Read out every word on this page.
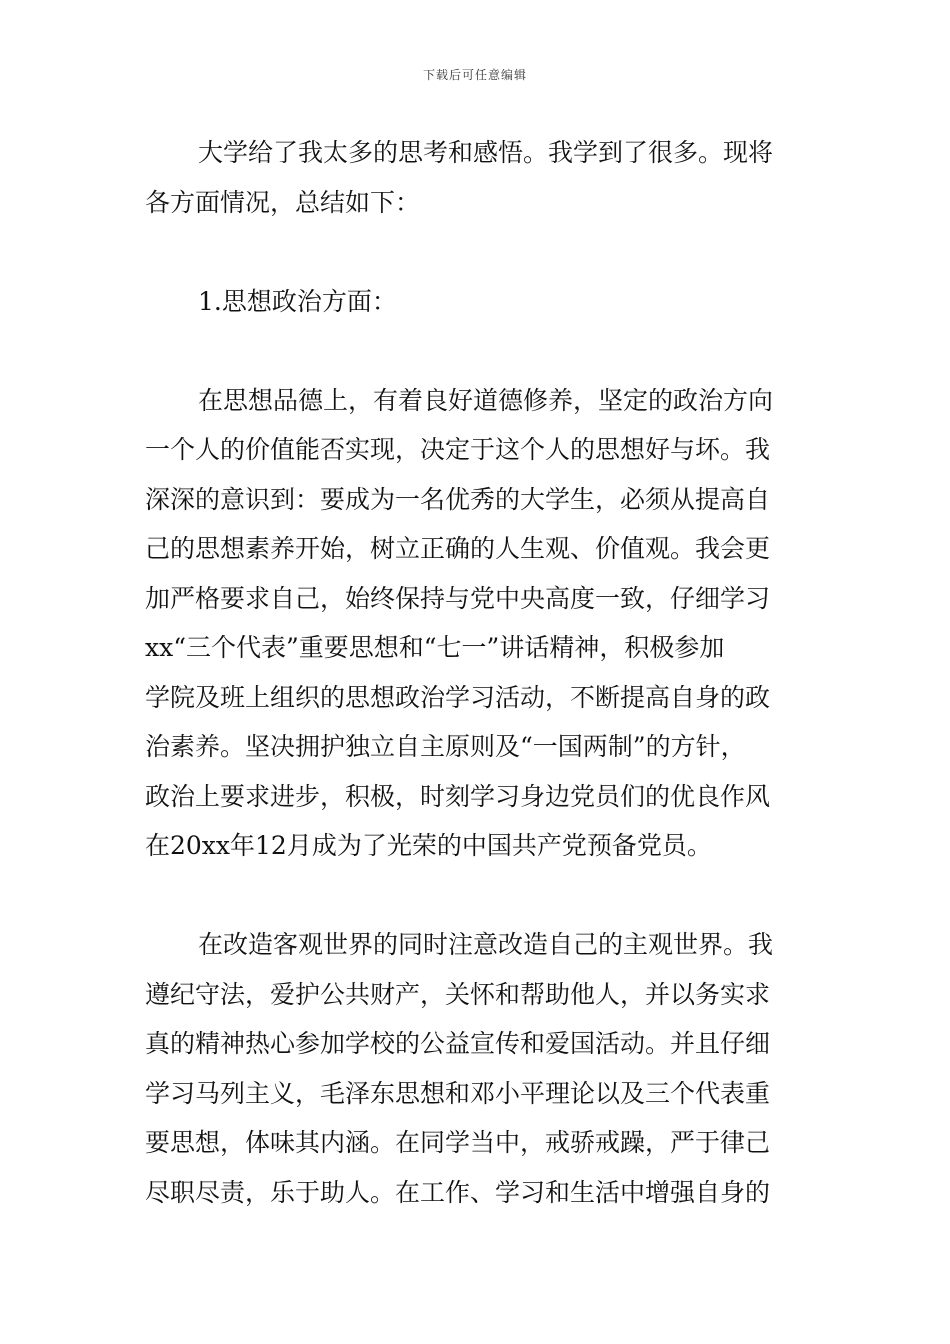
下载后可任意编辑
大学给了我太多的思考和感悟。我学到了很多。现将
各方面情况，总结如下：
1.思想政治方面：
在思想品德上，有着良好道德修养，坚定的政治方向
一个人的价值能否实现，决定于这个人的思想好与坏。我
深深的意识到：要成为一名优秀的大学生，必须从提高自
己的思想素养开始，树立正确的人生观、价值观。我会更
加严格要求自己，始终保持与党中央高度一致，仔细学习
xx“三个代表”重要思想和“七一”讲话精神，积极参加
学院及班上组织的思想政治学习活动，不断提高自身的政
治素养。坚决拥护独立自主原则及“一国两制”的方针，
政治上要求进步，积极，时刻学习身边党员们的优良作风
在20xx年12月成为了光荣的中国共产党预备党员。
在改造客观世界的同时注意改造自己的主观世界。我
遵纪守法，爱护公共财产，关怀和帮助他人，并以务实求
真的精神热心参加学校的公益宣传和爱国活动。并且仔细
学习马列主义，毛泽东思想和邓小平理论以及三个代表重
要思想，体味其内涵。在同学当中，戒骄戒躁，严于律己
尽职尽责，乐于助人。在工作、学习和生活中增强自身的
